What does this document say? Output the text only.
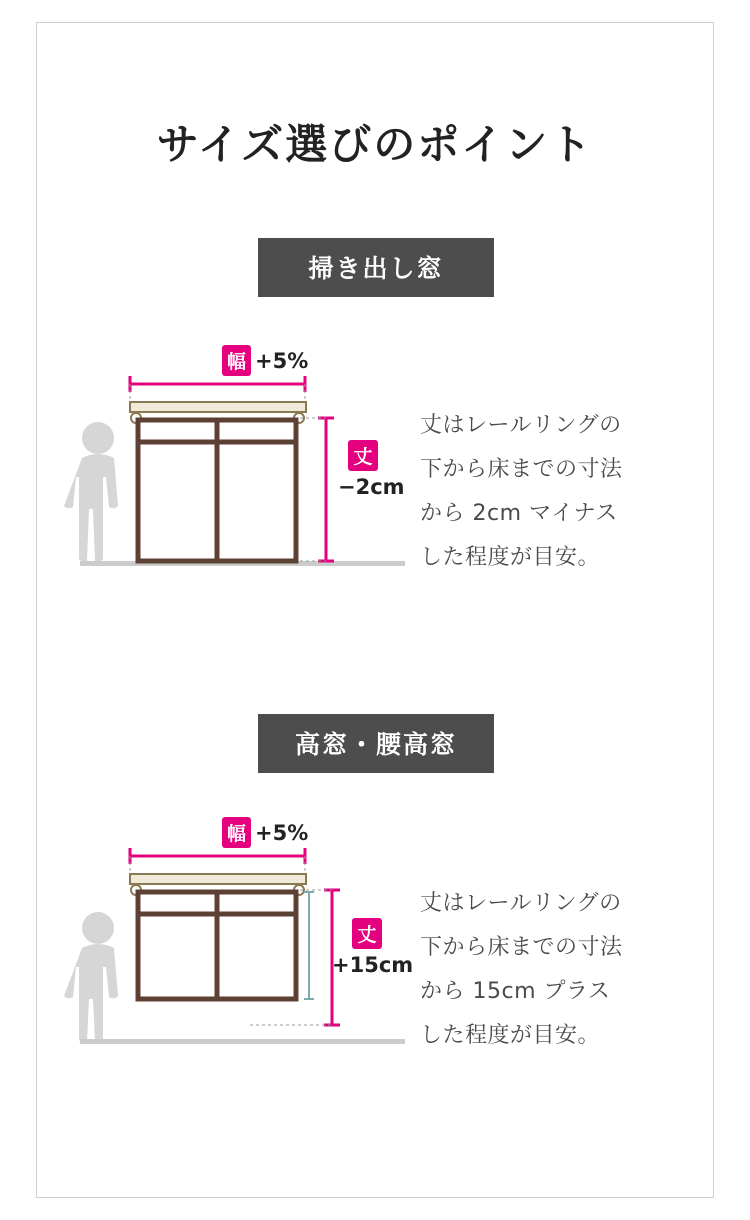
サイズ選びのポイント
掃き出し窓
幅 +5%
丈
−2cm
丈はレールリングの
下から床までの寸法
から 2cm マイナス
した程度が目安。
高窓・腰高窓
幅 +5%
丈
+15cm
丈はレールリングの
下から床までの寸法
から 15cm プラス
した程度が目安。
